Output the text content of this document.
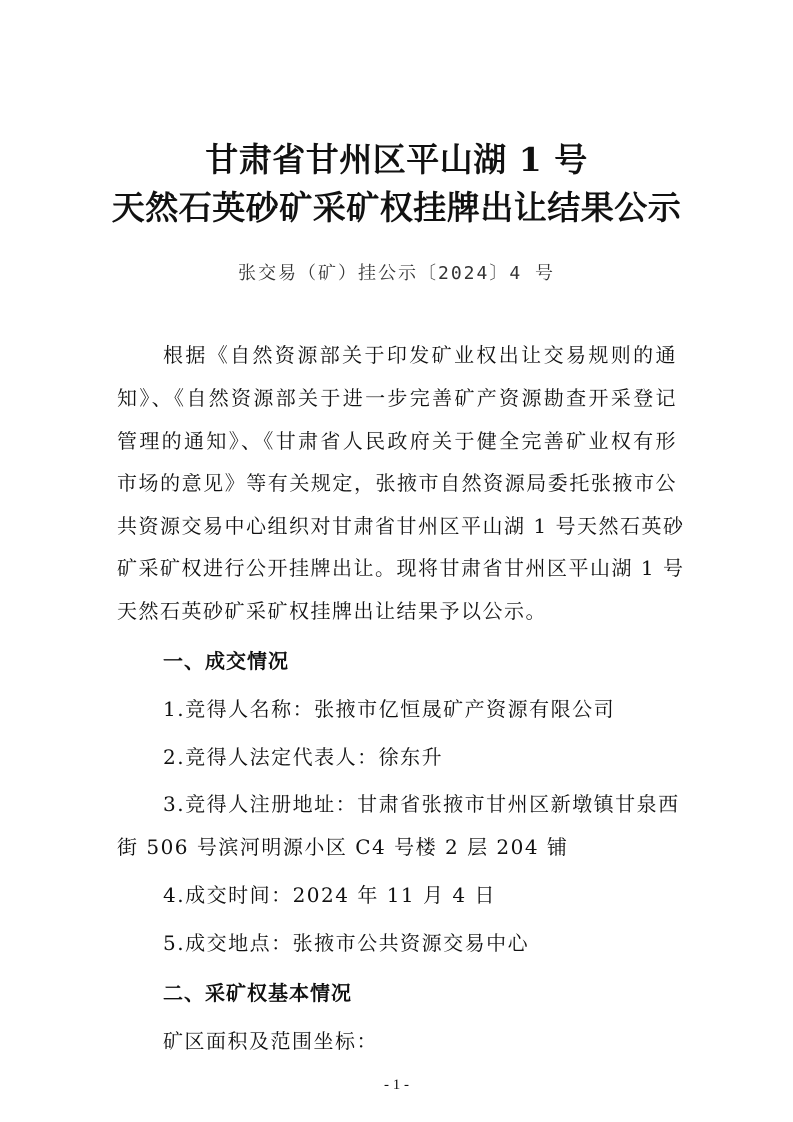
甘肃省甘州区平山湖 1 号
天然石英砂矿采矿权挂牌出让结果公示
张交易（矿）挂公示〔2024〕4 号
根据《自然资源部关于印发矿业权出让交易规则的通
知》、《自然资源部关于进一步完善矿产资源勘查开采登记
管理的通知》、《甘肃省人民政府关于健全完善矿业权有形
市场的意见》等有关规定，张掖市自然资源局委托张掖市公
共资源交易中心组织对甘肃省甘州区平山湖 1 号天然石英砂
矿采矿权进行公开挂牌出让。现将甘肃省甘州区平山湖 1 号
天然石英砂矿采矿权挂牌出让结果予以公示。
一、成交情况
1.竞得人名称：张掖市亿恒晟矿产资源有限公司
2.竞得人法定代表人：徐东升
3.竞得人注册地址：甘肃省张掖市甘州区新墩镇甘泉西
街 506 号滨河明源小区 C4 号楼 2 层 204 铺
4.成交时间：2024 年 11 月 4 日
5.成交地点：张掖市公共资源交易中心
二、采矿权基本情况
矿区面积及范围坐标：
- 1 -
